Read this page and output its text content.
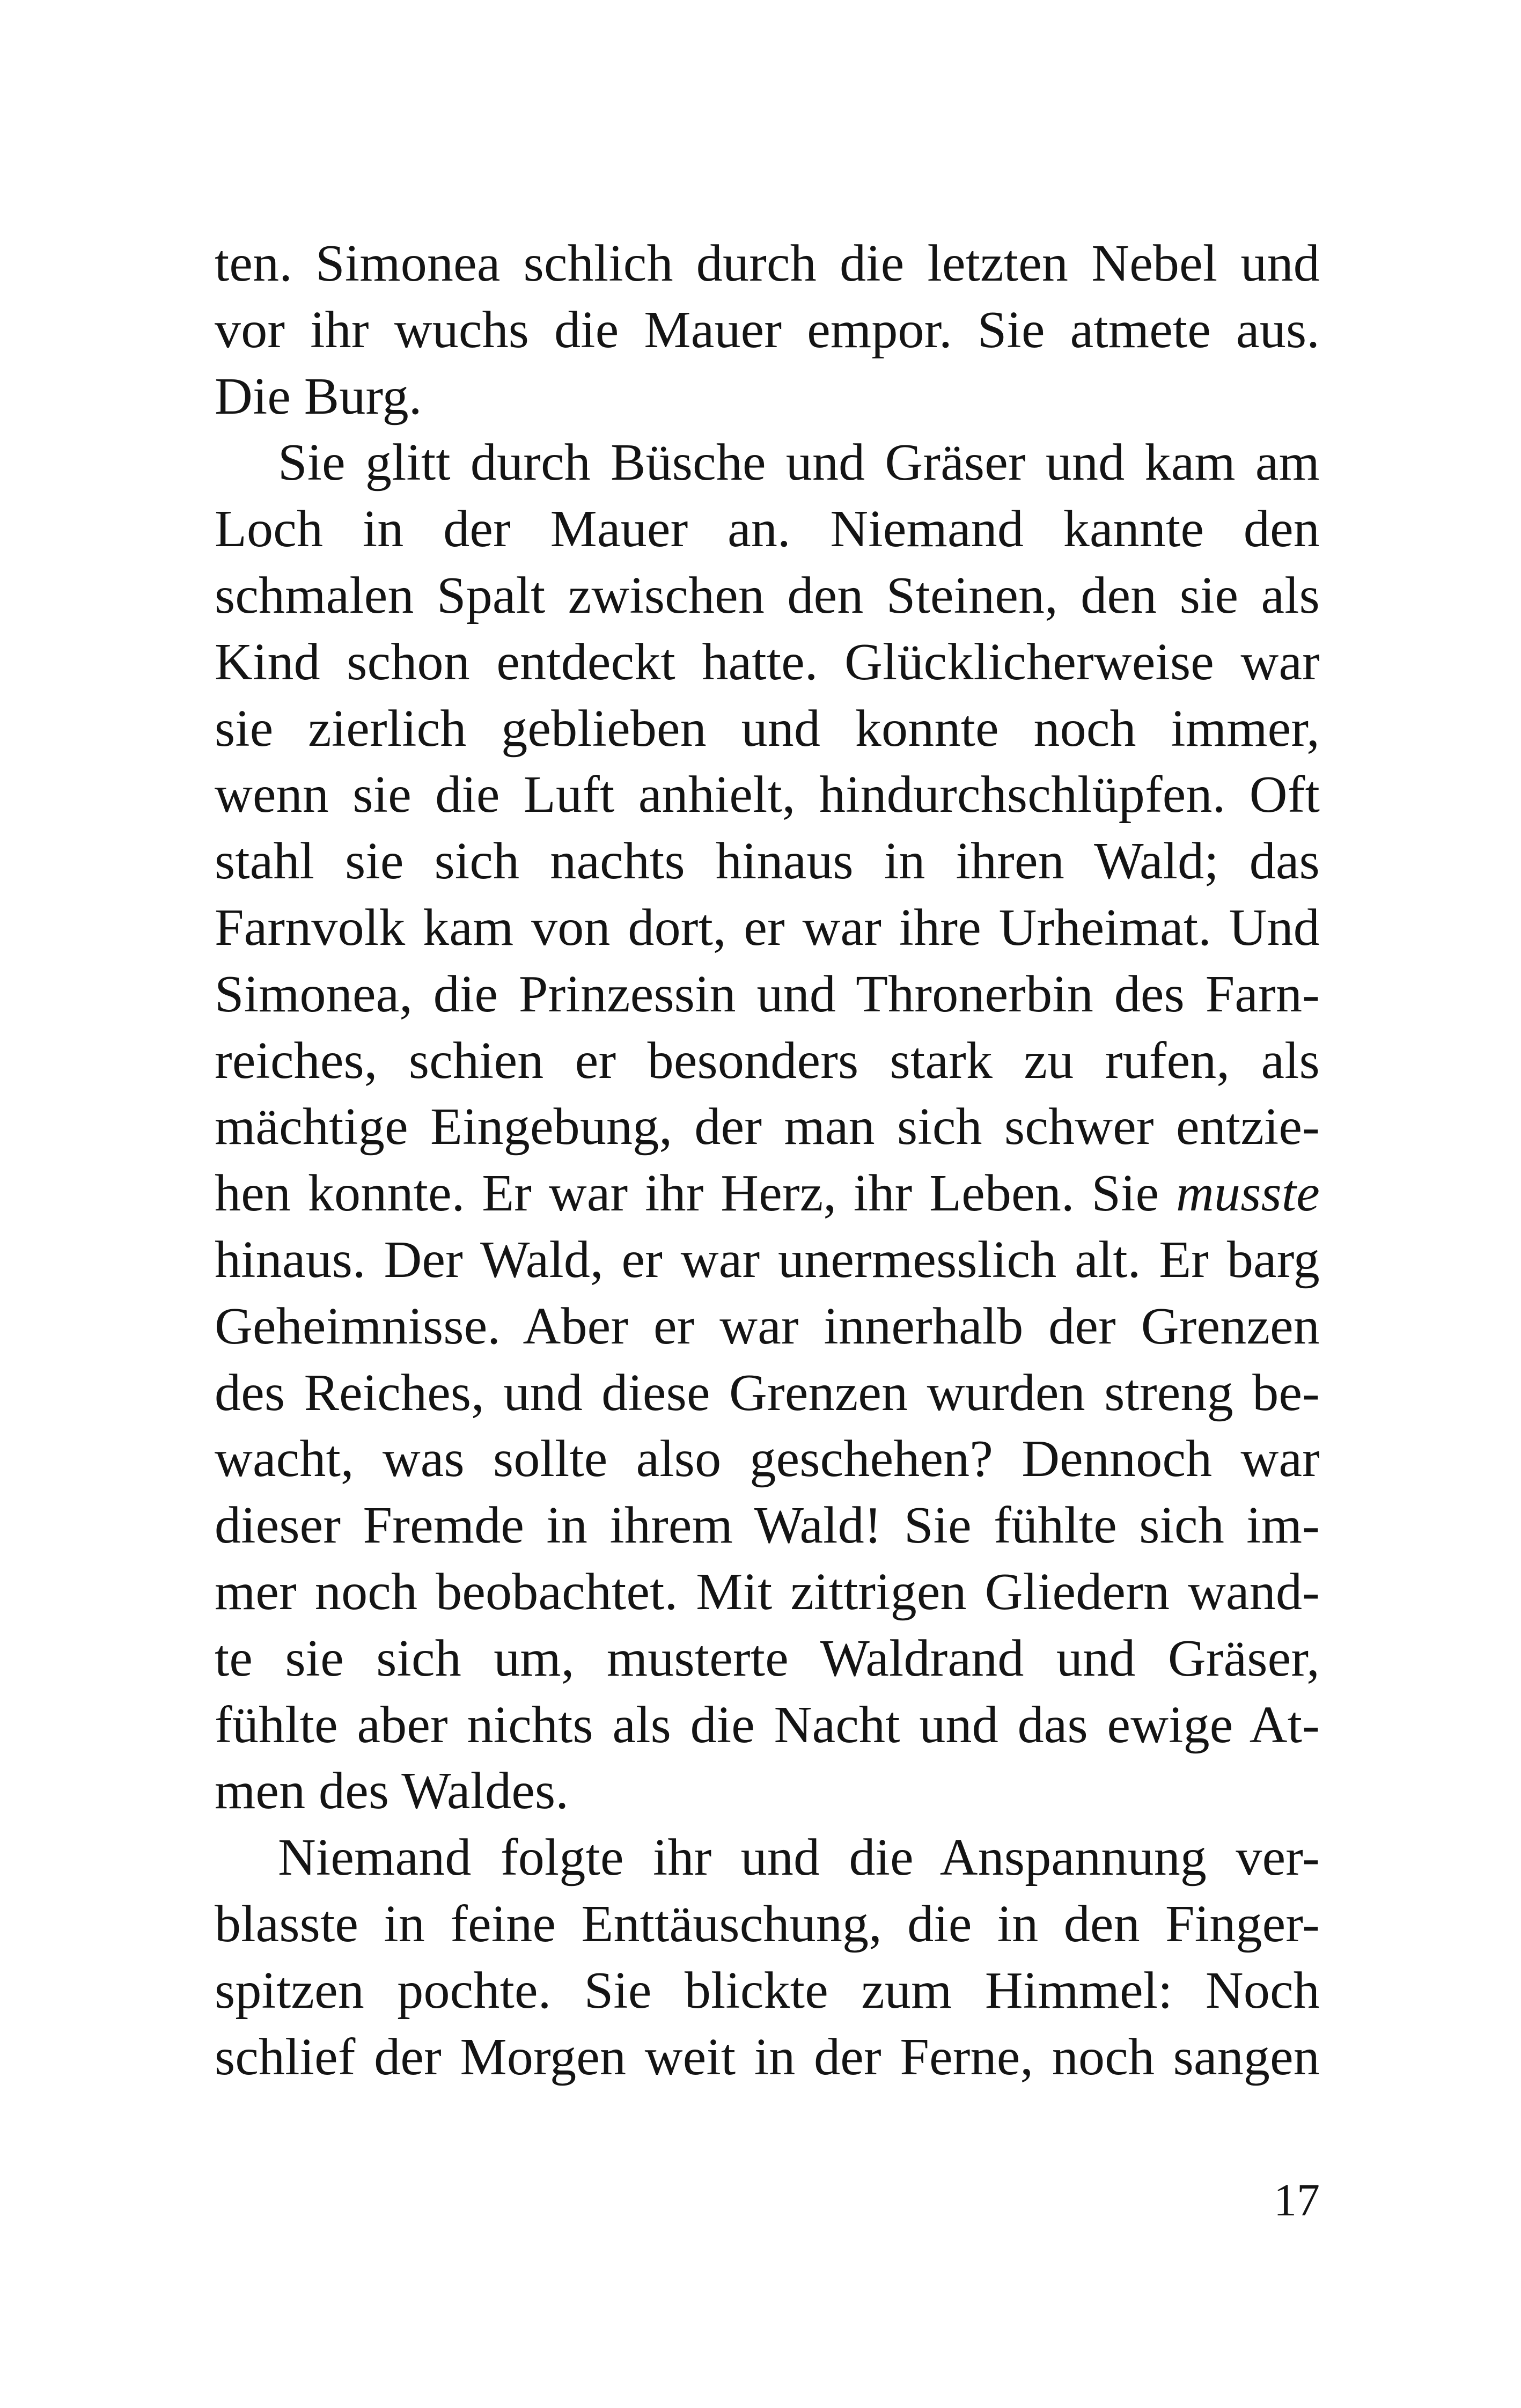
ten. Simonea schlich durch die letzten Nebel und
vor ihr wuchs die Mauer empor. Sie atmete aus.
Die Burg.
Sie glitt durch Büsche und Gräser und kam am
Loch in der Mauer an. Niemand kannte den
schmalen Spalt zwischen den Steinen, den sie als
Kind schon entdeckt hatte. Glücklicherweise war
sie zierlich geblieben und konnte noch immer,
wenn sie die Luft anhielt, hindurchschlüpfen. Oft
stahl sie sich nachts hinaus in ihren Wald; das
Farnvolk kam von dort, er war ihre Urheimat. Und
Simonea, die Prinzessin und Thronerbin des Farn-
reiches, schien er besonders stark zu rufen, als
mächtige Eingebung, der man sich schwer entzie-
hen konnte. Er war ihr Herz, ihr Leben. Sie musste
hinaus. Der Wald, er war unermesslich alt. Er barg
Geheimnisse. Aber er war innerhalb der Grenzen
des Reiches, und diese Grenzen wurden streng be-
wacht, was sollte also geschehen? Dennoch war
dieser Fremde in ihrem Wald! Sie fühlte sich im-
mer noch beobachtet. Mit zittrigen Gliedern wand-
te sie sich um, musterte Waldrand und Gräser,
fühlte aber nichts als die Nacht und das ewige At-
men des Waldes.
Niemand folgte ihr und die Anspannung ver-
blasste in feine Enttäuschung, die in den Finger-
spitzen pochte. Sie blickte zum Himmel: Noch
schlief der Morgen weit in der Ferne, noch sangen
17
